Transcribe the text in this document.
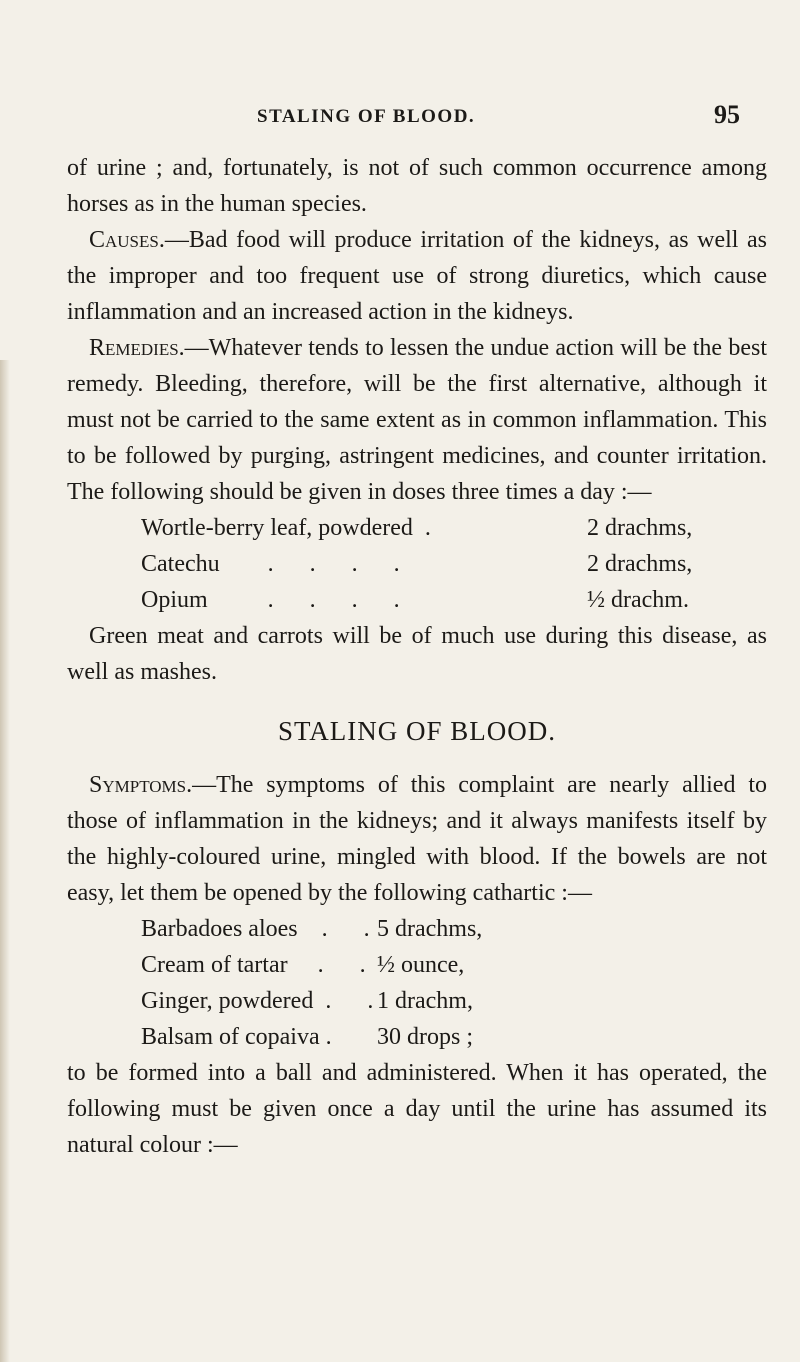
STALING OF BLOOD.	95

of urine ; and, fortunately, is not of such common occurrence among horses as in the human species.

Causes.—Bad food will produce irritation of the kidneys, as well as the improper and too frequent use of strong diuretics, which cause inflammation and an increased action in the kidneys.

Remedies.—Whatever tends to lessen the undue action will be the best remedy. Bleeding, therefore, will be the first alternative, although it must not be carried to the same extent as in common inflammation. This to be followed by purging, astringent medicines, and counter irritation. The following should be given in doses three times a day :—

Wortle-berry leaf, powdered  .	2 drachms,
Catechu        .      .      .      .	2 drachms,
Opium          .      .      .      .	½ drachm.

Green meat and carrots will be of much use during this disease, as well as mashes.

STALING OF BLOOD.

Symptoms.—The symptoms of this complaint are nearly allied to those of inflammation in the kidneys; and it always manifests itself by the highly-coloured urine, mingled with blood. If the bowels are not easy, let them be opened by the following cathartic :—

Barbadoes aloes    .      . 5 drachms,
Cream of tartar     .      . ½ ounce,
Ginger, powdered  .      . 1 drachm,
Balsam of copaiva .	30 drops ;

to be formed into a ball and administered. When it has operated, the following must be given once a day until the urine has assumed its natural colour :—
